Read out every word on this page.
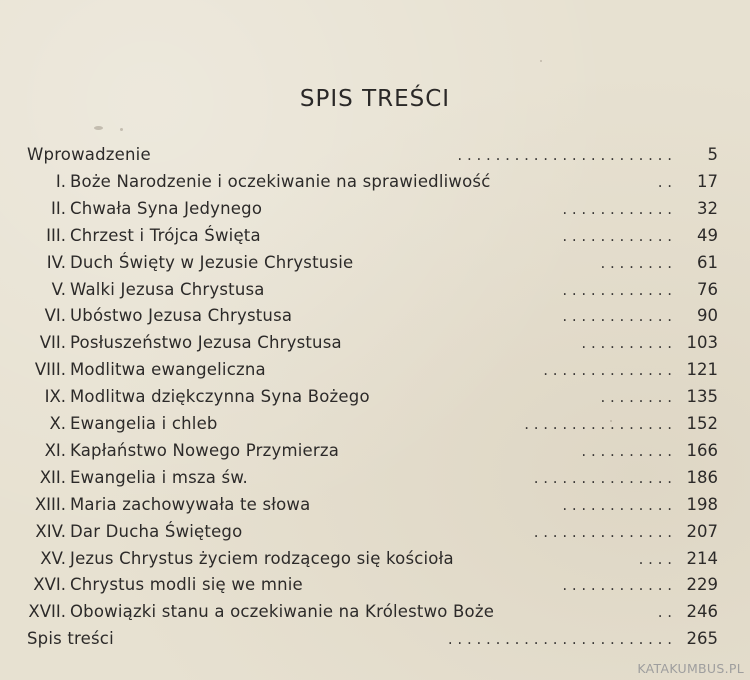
SPIS TREŚCI
Wprowadzenie	. . . . . . . . . . . . . . . . . . . . . . . 5
I. Boże Narodzenie i oczekiwanie na sprawiedliwość	. . 17
II. Chwała Syna Jedynego	. . . . . . . . . . . . 32
III. Chrzest i Trójca Święta	. . . . . . . . . . . . 49
IV. Duch Święty w Jezusie Chrystusie	. . . . . . . . 61
V. Walki Jezusa Chrystusa	. . . . . . . . . . . . 76
VI. Ubóstwo Jezusa Chrystusa	. . . . . . . . . . . . 90
VII. Posłuszeństwo Jezusa Chrystusa	. . . . . . . . . . 103
VIII. Modlitwa ewangeliczna	. . . . . . . . . . . . . . 121
IX. Modlitwa dziękczynna Syna Bożego	. . . . . . . . 135
X. Ewangelia i chleb	. . . . . . . . . . . . . . . . 152
XI. Kapłaństwo Nowego Przymierza	. . . . . . . . . . 166
XII. Ewangelia i msza św.	. . . . . . . . . . . . . . . 186
XIII. Maria zachowywała te słowa	. . . . . . . . . . . . 198
XIV. Dar Ducha Świętego	. . . . . . . . . . . . . . . 207
XV. Jezus Chrystus życiem rodzącego się kościoła	. . . . 214
XVI. Chrystus modli się we mnie	. . . . . . . . . . . . 229
XVII. Obowiązki stanu a oczekiwanie na Królestwo Boże	. . 246
Spis treści	. . . . . . . . . . . . . . . . . . . . . . . . 265
KATAKUMBUS.PL
